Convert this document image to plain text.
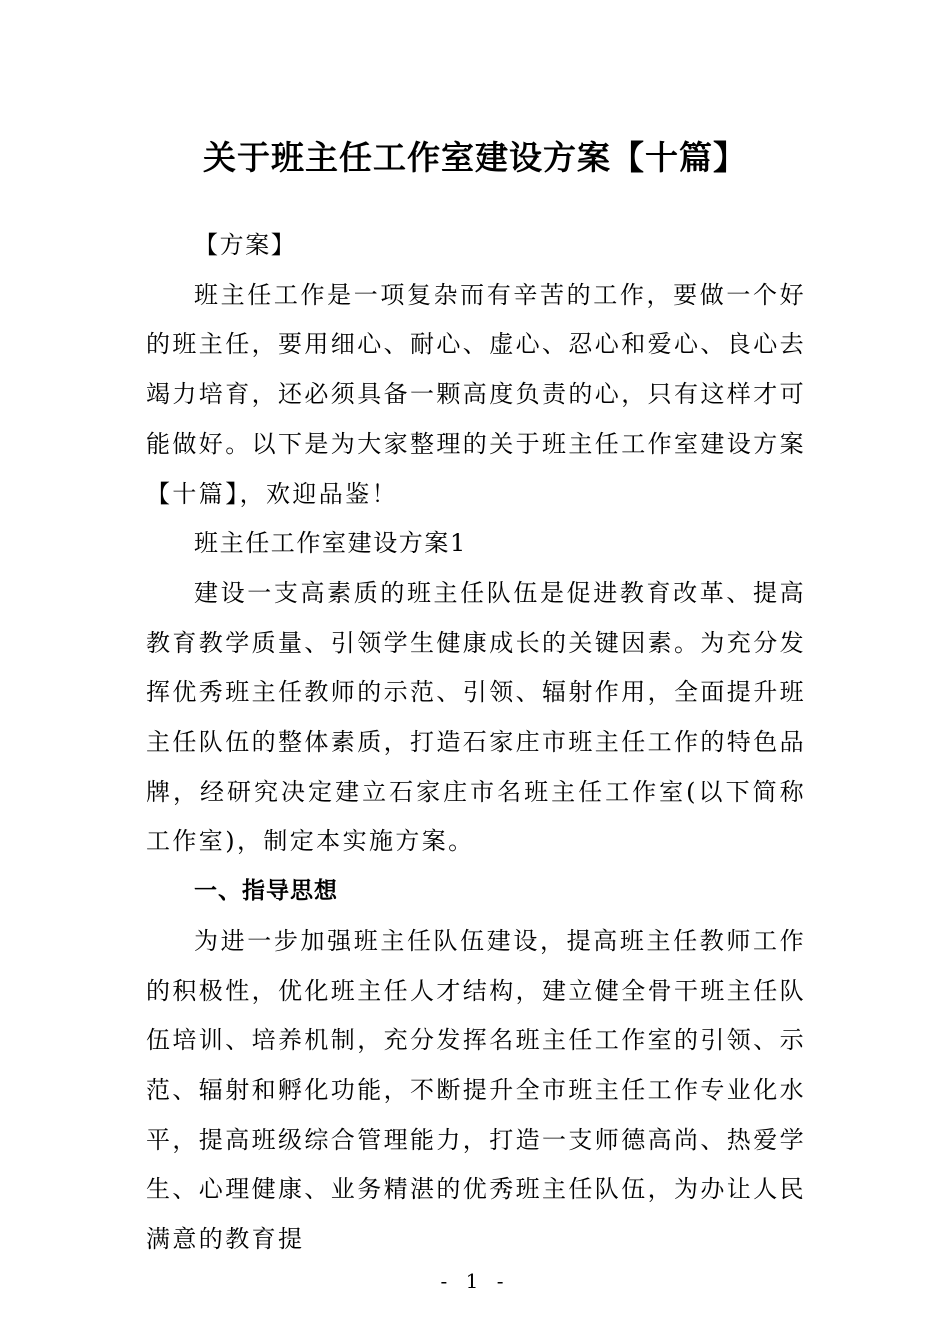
关于班主任工作室建设方案【十篇】

【方案】

班主任工作是一项复杂而有辛苦的工作，要做一个好的班主任，要用细心、耐心、虚心、忍心和爱心、良心去竭力培育，还必须具备一颗高度负责的心，只有这样才可能做好。以下是为大家整理的关于班主任工作室建设方案【十篇】，欢迎品鉴！

班主任工作室建设方案1

建设一支高素质的班主任队伍是促进教育改革、提高教育教学质量、引领学生健康成长的关键因素。为充分发挥优秀班主任教师的示范、引领、辐射作用，全面提升班主任队伍的整体素质，打造石家庄市班主任工作的特色品牌，经研究决定建立石家庄市名班主任工作室(以下简称工作室)，制定本实施方案。

一、指导思想

为进一步加强班主任队伍建设，提高班主任教师工作的积极性，优化班主任人才结构，建立健全骨干班主任队伍培训、培养机制，充分发挥名班主任工作室的引领、示范、辐射和孵化功能，不断提升全市班主任工作专业化水平，提高班级综合管理能力，打造一支师德高尚、热爱学生、心理健康、业务精湛的优秀班主任队伍，为办让人民满意的教育提

- 1 -
